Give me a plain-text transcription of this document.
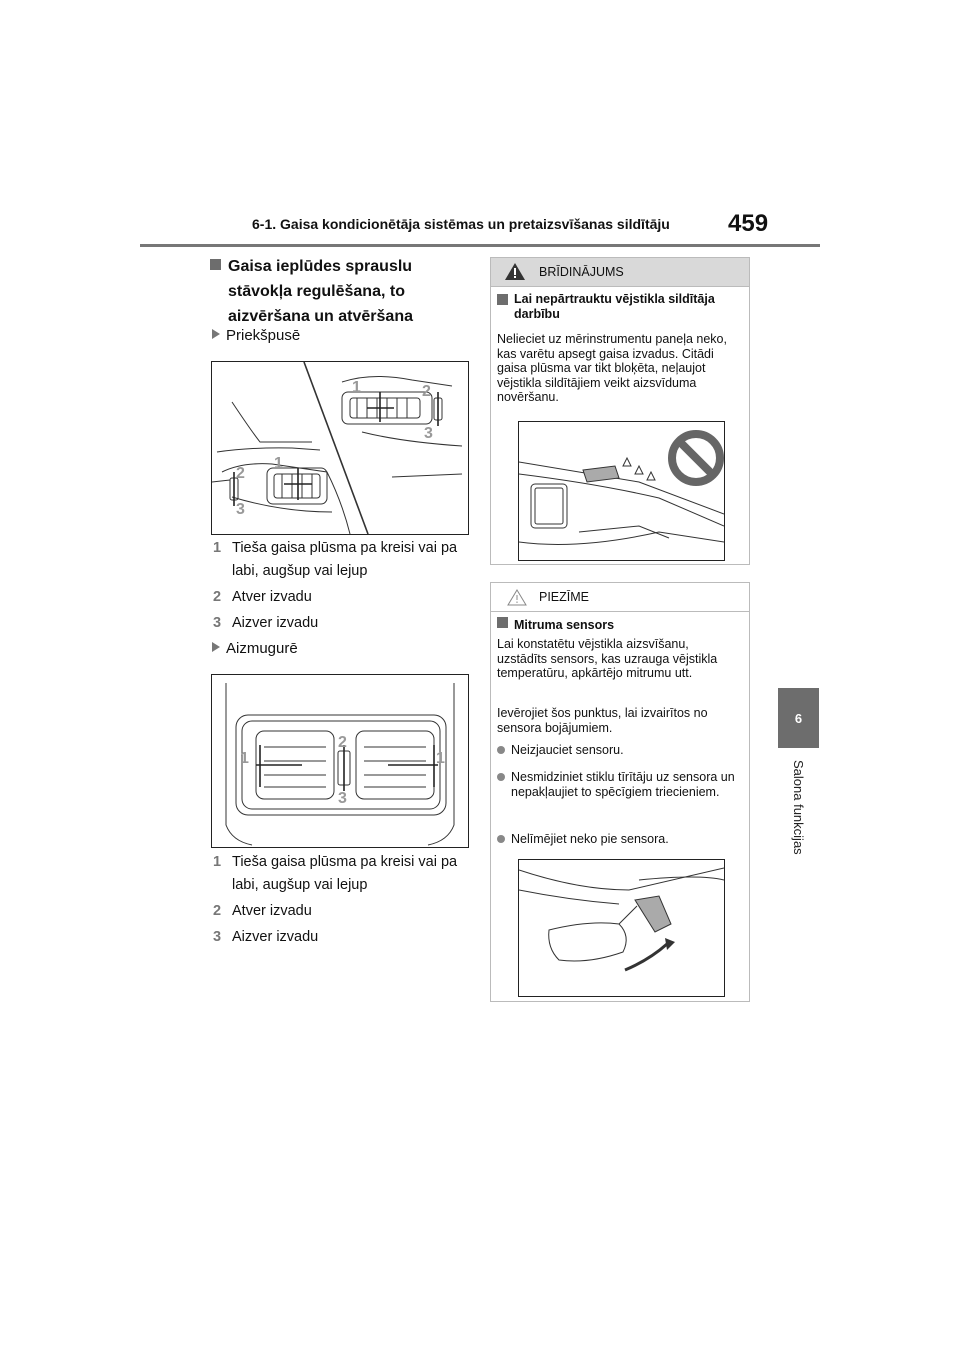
6-1. Gaisa kondicionētāja sistēmas un pretaizsvīšanas sildītāju 459
6
Salona funkcijas
Gaisa ieplūdes sprauslu
stāvokļa regulēšana, to
aizvēršana un atvēršana
Priekšpusē
1	2
3
1
2
3
1 Tieša gaisa plūsma pa kreisi vai pa labi, augšup vai lejup
2 Atver izvadu
3 Aizver izvadu
Aizmugurē
1
2
3
1
1 Tieša gaisa plūsma pa kreisi vai pa labi, augšup vai lejup
2 Atver izvadu
3 Aizver izvadu
BRĪDINĀJUMS
Lai nepārtrauktu vējstikla sildītāja darbību
Nelieciet uz mērinstrumentu paneļa neko, kas varētu apsegt gaisa izvadus. Citādi gaisa plūsma var tikt bloķēta, neļaujot vējstikla sildītājiem veikt aizsvīduma novēršanu.
PIEZĪME
Mitruma sensors
Lai konstatētu vējstikla aizsvīšanu, uzstādīts sensors, kas uzrauga vējstikla temperatūru, apkārtējo mitrumu utt.
Ievērojiet šos punktus, lai izvairītos no sensora bojājumiem.
Neizjauciet sensoru.
Nesmidziniet stiklu tīrītāju uz sensora un nepakļaujiet to spēcīgiem triecieniem.
Nelīmējiet neko pie sensora.
